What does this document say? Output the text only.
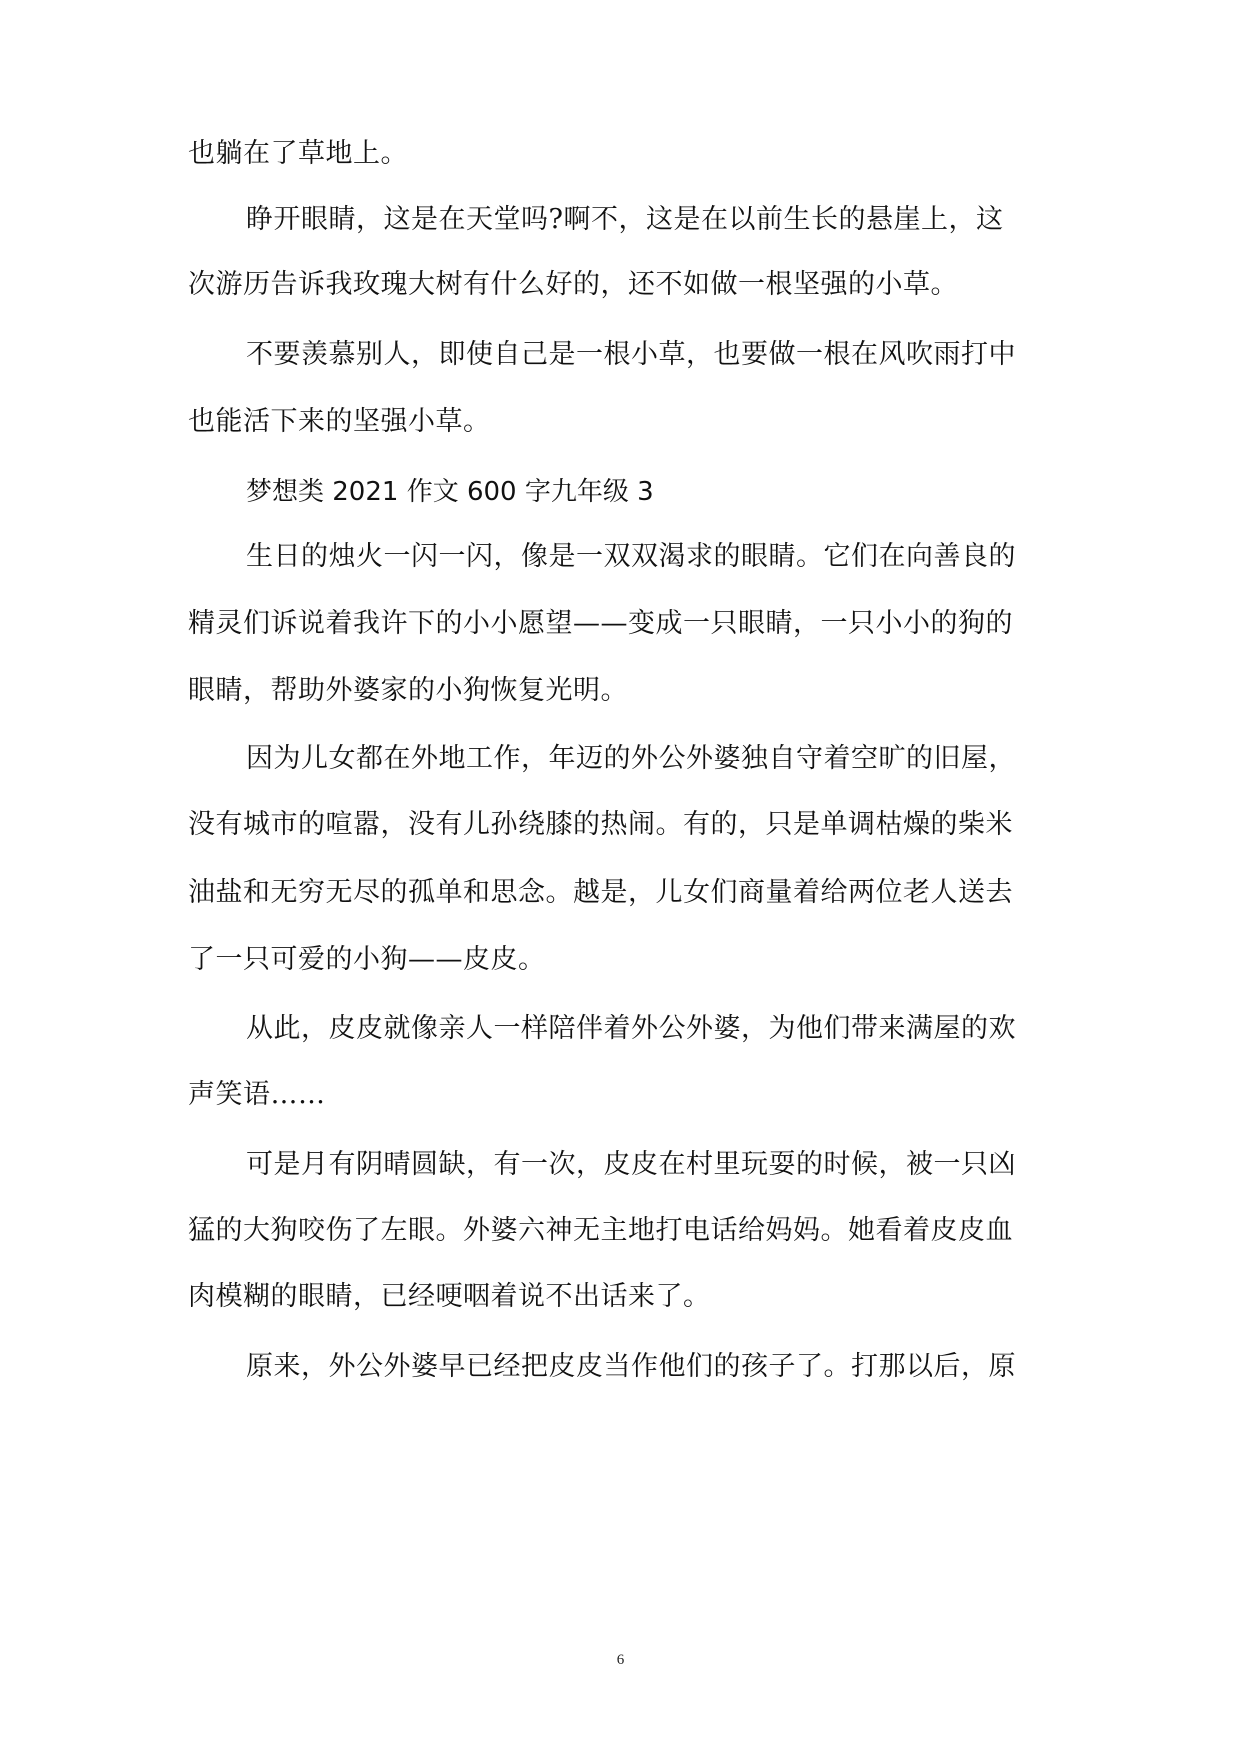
也躺在了草地上。
睁开眼睛，这是在天堂吗?啊不，这是在以前生长的悬崖上，这
次游历告诉我玫瑰大树有什么好的，还不如做一根坚强的小草。
不要羡慕别人，即使自己是一根小草，也要做一根在风吹雨打中
也能活下来的坚强小草。
梦想类 2021 作文 600 字九年级 3
生日的烛火一闪一闪，像是一双双渴求的眼睛。它们在向善良的
精灵们诉说着我许下的小小愿望——变成一只眼睛，一只小小的狗的
眼睛，帮助外婆家的小狗恢复光明。
因为儿女都在外地工作，年迈的外公外婆独自守着空旷的旧屋，
没有城市的喧嚣，没有儿孙绕膝的热闹。有的，只是单调枯燥的柴米
油盐和无穷无尽的孤单和思念。越是，儿女们商量着给两位老人送去
了一只可爱的小狗——皮皮。
从此，皮皮就像亲人一样陪伴着外公外婆，为他们带来满屋的欢
声笑语……
可是月有阴晴圆缺，有一次，皮皮在村里玩耍的时候，被一只凶
猛的大狗咬伤了左眼。外婆六神无主地打电话给妈妈。她看着皮皮血
肉模糊的眼睛，已经哽咽着说不出话来了。
原来，外公外婆早已经把皮皮当作他们的孩子了。打那以后，原
6
